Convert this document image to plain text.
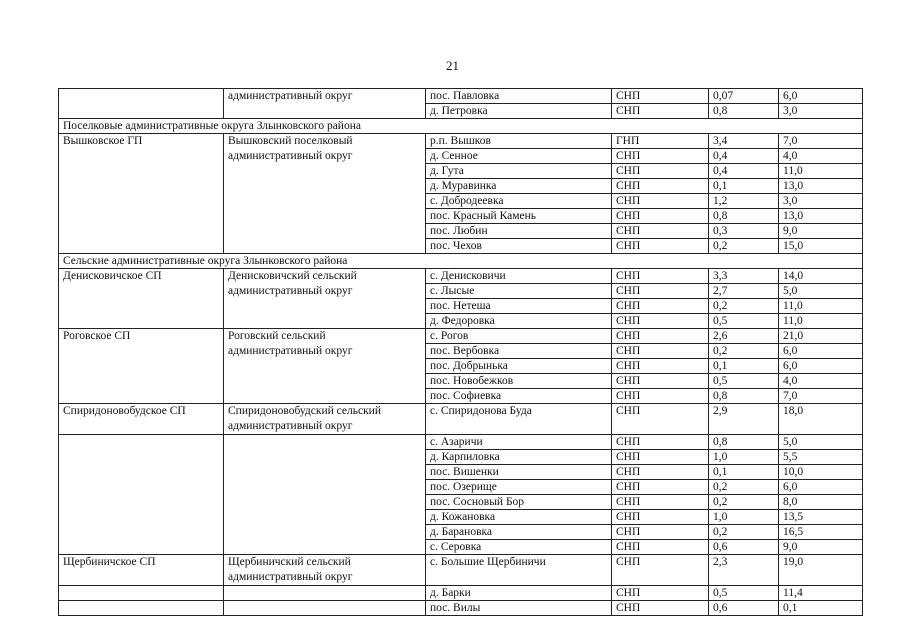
21
	административный округ	пос. Павловка	СНП	0,07	6,0
		д. Петровка	СНП	0,8	3,0
Поселковые административные округа Злынковского района					
Вышковское ГП	Вышковский поселковый административный округ	р.п. Вышков	ГНП	3,4	7,0
		д. Сенное	СНП	0,4	4,0
		д. Гута	СНП	0,4	11,0
		д. Муравинка	СНП	0,1	13,0
		с. Добродеевка	СНП	1,2	3,0
		пос. Красный Камень	СНП	0,8	13,0
		пос. Любин	СНП	0,3	9,0
		пос. Чехов	СНП	0,2	15,0
Сельские административные округа Злынковского района					
Денисковичское СП	Денисковичский сельский административный округ	с. Денисковичи	СНП	3,3	14,0
		с. Лысые	СНП	2,7	5,0
		пос. Нетеша	СНП	0,2	11,0
		д. Федоровка	СНП	0,5	11,0
Роговское СП	Роговский сельский административный округ	с. Рогов	СНП	2,6	21,0
		пос. Вербовка	СНП	0,2	6,0
		пос. Добрынька	СНП	0,1	6,0
		пос. Новобежков	СНП	0,5	4,0
		пос. Софиевка	СНП	0,8	7,0
Спиридоновобудское СП	Спиридоновобудский сельский административный округ	с. Спиридонова Буда	СНП	2,9	18,0
		с. Азаричи	СНП	0,8	5,0
		д. Карпиловка	СНП	1,0	5,5
		пос. Вишенки	СНП	0,1	10,0
		пос. Озерище	СНП	0,2	6,0
		пос. Сосновый Бор	СНП	0,2	8,0
		д. Кожановка	СНП	1,0	13,5
		д. Барановка	СНП	0,2	16,5
		с. Серовка	СНП	0,6	9,0
Щербиничское СП	Щербиничский сельский административный округ	с. Большие Щербиничи	СНП	2,3	19,0
		д. Барки	СНП	0,5	11,4
		пос. Вилы	СНП	0,6	0,1
